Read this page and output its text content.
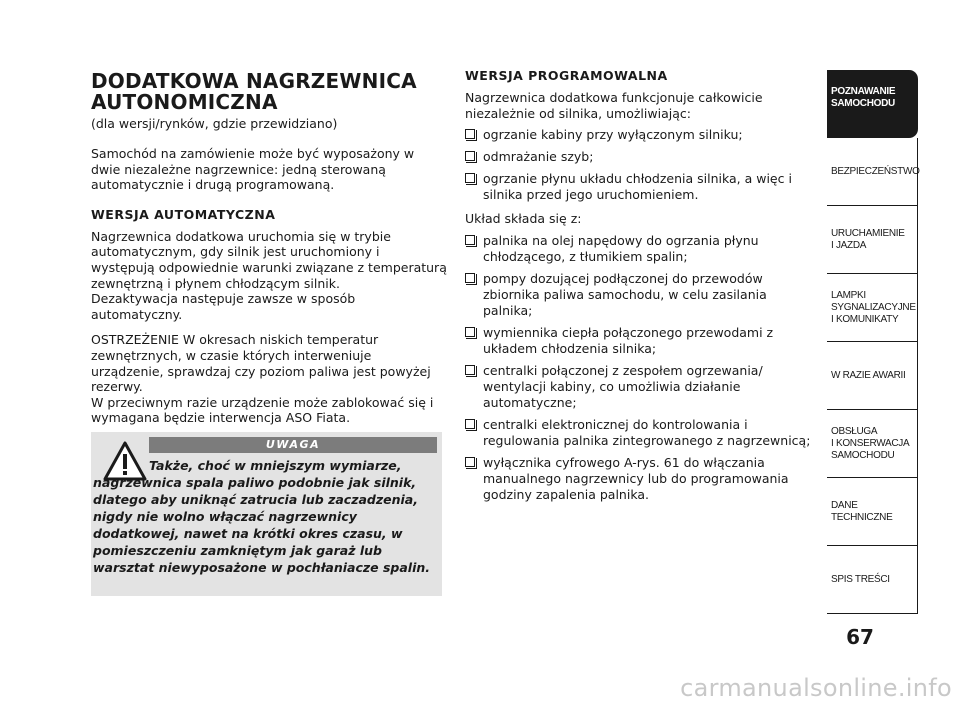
DODATKOWA NAGRZEWNICA
AUTONOMICZNA
(dla wersji/rynków, gdzie przewidziano)

Samochód na zamówienie może być wyposażony w dwie niezależne nagrzewnice: jedną sterowaną automatycznie i drugą programowaną.

WERSJA AUTOMATYCZNA

Nagrzewnica dodatkowa uruchomia się w trybie automatycznym, gdy silnik jest uruchomiony i występują odpowiednie warunki związane z temperaturą zewnętrzną i płynem chłodzącym silnik.

Dezaktywacja następuje zawsze w sposób automatyczny.

OSTRZEŻENIE W okresach niskich temperatur zewnętrznych, w czasie których interweniuje urządzenie, sprawdzaj czy poziom paliwa jest powyżej rezerwy.

W przeciwnym razie urządzenie może zablokować się i wymagana będzie interwencja ASO Fiata.

UWAGA

Także, choć w mniejszym wymiarze, nagrzewnica spala paliwo podobnie jak silnik, dlatego aby uniknąć zatrucia lub zaczadzenia, nigdy nie wolno włączać nagrzewnicy dodatkowej, nawet na krótki okres czasu, w pomieszczeniu zamkniętym jak garaż lub warsztat niewyposażone w pochłaniacze spalin.

WERSJA PROGRAMOWALNA

Nagrzewnica dodatkowa funkcjonuje całkowicie niezależnie od silnika, umożliwiając:

ogrzanie kabiny przy wyłączonym silniku;
odmrażanie szyb;
ogrzanie płynu układu chłodzenia silnika, a więc i silnika przed jego uruchomieniem.

Układ składa się z:

palnika na olej napędowy do ogrzania płynu chłodzącego, z tłumikiem spalin;
pompy dozującej podłączonej do przewodów zbiornika paliwa samochodu, w celu zasilania palnika;
wymiennika ciepła połączonego przewodami z układem chłodzenia silnika;
centralki połączonej z zespołem ogrzewania/ wentylacji kabiny, co umożliwia działanie automatyczne;
centralki elektronicznej do kontrolowania i regulowania palnika zintegrowanego z nagrzewnicą;
wyłącznika cyfrowego A-rys. 61 do włączania manualnego nagrzewnicy lub do programowania godziny zapalenia palnika.
POZNAWANIE
SAMOCHODU
BEZPIECZEŃSTWO
URUCHAMIENIE
I JAZDA
LAMPKI
SYGNALIZACYJNE
I KOMUNIKATY
W RAZIE AWARII
OBSŁUGA
I KONSERWACJA
SAMOCHODU
DANE TECHNICZNE
SPIS TREŚCI
67
carmanualsonline.info
